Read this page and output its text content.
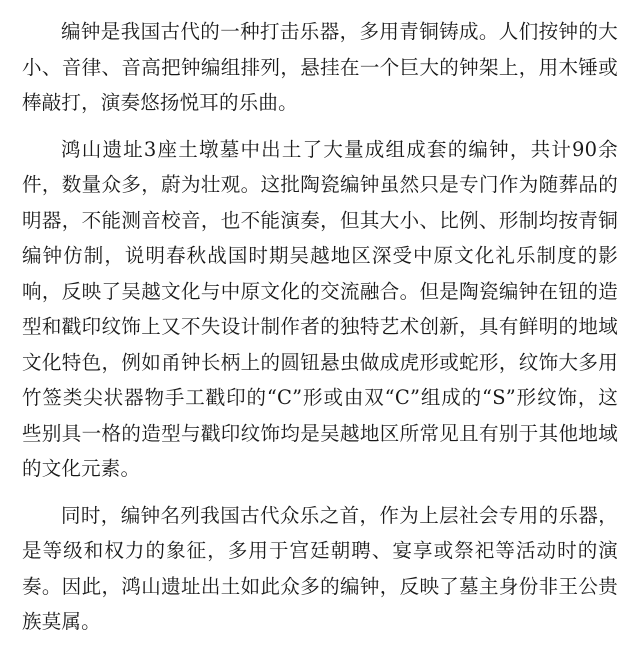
编钟是我国古代的一种打击乐器，多用青铜铸成。人们按钟的大小、音律、音高把钟编组排列，悬挂在一个巨大的钟架上，用木锤或棒敲打，演奏悠扬悦耳的乐曲。

鸿山遗址3座土墩墓中出土了大量成组成套的编钟，共计90余件，数量众多，蔚为壮观。这批陶瓷编钟虽然只是专门作为随葬品的明器，不能测音校音，也不能演奏，但其大小、比例、形制均按青铜编钟仿制，说明春秋战国时期吴越地区深受中原文化礼乐制度的影响，反映了吴越文化与中原文化的交流融合。但是陶瓷编钟在钮的造型和戳印纹饰上又不失设计制作者的独特艺术创新，具有鲜明的地域文化特色，例如甬钟长柄上的圆钮悬虫做成虎形或蛇形，纹饰大多用竹签类尖状器物手工戳印的“C”形或由双“C”组成的“S”形纹饰，这些别具一格的造型与戳印纹饰均是吴越地区所常见且有别于其他地域的文化元素。

同时，编钟名列我国古代众乐之首，作为上层社会专用的乐器，是等级和权力的象征，多用于宫廷朝聘、宴享或祭祀等活动时的演奏。因此，鸿山遗址出土如此众多的编钟，反映了墓主身份非王公贵族莫属。
